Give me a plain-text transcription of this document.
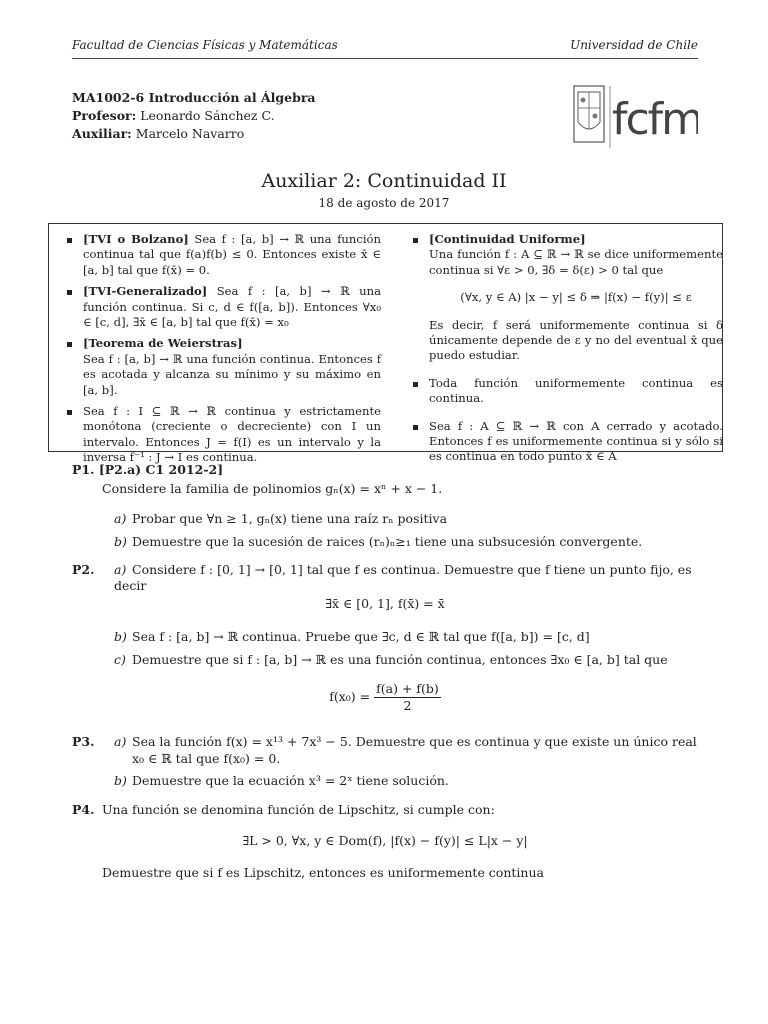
Facultad de Ciencias Físicas y Matemáticas	Universidad de Chile
MA1002-6 Introducción al Álgebra
Profesor: Leonardo Sánchez C.
Auxiliar: Marcelo Navarro	fcfm
Auxiliar 2: Continuidad II
18 de agosto de 2017
[TVI o Bolzano] Sea f : [a, b] → ℝ una función continua tal que f(a)f(b) ≤ 0. Entonces existe x̄ ∈ [a, b] tal que f(x̄) = 0.
[TVI-Generalizado] Sea f : [a, b] → ℝ una función continua. Si c, d ∈ f([a, b]). Entonces ∀x₀ ∈ [c, d], ∃x̄ ∈ [a, b] tal que f(x̄) = x₀
[Teorema de Weierstras]
Sea f : [a, b] → ℝ una función continua. Entonces f es acotada y alcanza su mínimo y su máximo en [a, b].
Sea f : I ⊆ ℝ → ℝ continua y estrictamente monótona (creciente o decreciente) con I un intervalo. Entonces J = f(I) es un intervalo y la inversa f⁻¹ : J → I es continua.
[Continuidad Uniforme]
Una función f : A ⊆ ℝ → ℝ se dice uniformemente continua si ∀ε > 0, ∃δ = δ(ε) > 0 tal que
(∀x, y ∈ A) |x − y| ≤ δ ⇒ |f(x) − f(y)| ≤ ε
Es decir, f será uniformemente continua si δ únicamente depende de ε y no del eventual x̄ que puedo estudiar.
Toda función uniformemente continua es continua.
Sea f : A ⊆ ℝ → ℝ con A cerrado y acotado. Entonces f es uniformemente continua si y sólo si es continua en todo punto x̄ ∈ A
P1. [P2.a) C1 2012-2]
Considere la familia de polinomios gₙ(x) = xⁿ + x − 1.
a) Probar que ∀n ≥ 1, gₙ(x) tiene una raíz rₙ positiva
b) Demuestre que la sucesión de raices (rₙ)ₙ≥₁ tiene una subsucesión convergente.
P2. a) Considere f : [0, 1] → [0, 1] tal que f es continua. Demuestre que f tiene un punto fijo, es decir
∃x̄ ∈ [0, 1], f(x̄) = x̄
b) Sea f : [a, b] → ℝ continua. Pruebe que ∃c, d ∈ ℝ tal que f([a, b]) = [c, d]
c) Demuestre que si f : [a, b] → ℝ es una función continua, entonces ∃x₀ ∈ [a, b] tal que
$f(x_0) = \frac{f(a) + f(b)}{2}$
P3. a) Sea la función f(x) = x¹³ + 7x³ − 5. Demuestre que es continua y que existe un único real
x₀ ∈ ℝ tal que f(x₀) = 0.
b) Demuestre que la ecuación x³ = 2ˣ tiene solución.
P4. Una función se denomina función de Lipschitz, si cumple con:
∃L > 0, ∀x, y ∈ Dom(f), |f(x) − f(y)| ≤ L|x − y|
Demuestre que si f es Lipschitz, entonces es uniformemente continua
